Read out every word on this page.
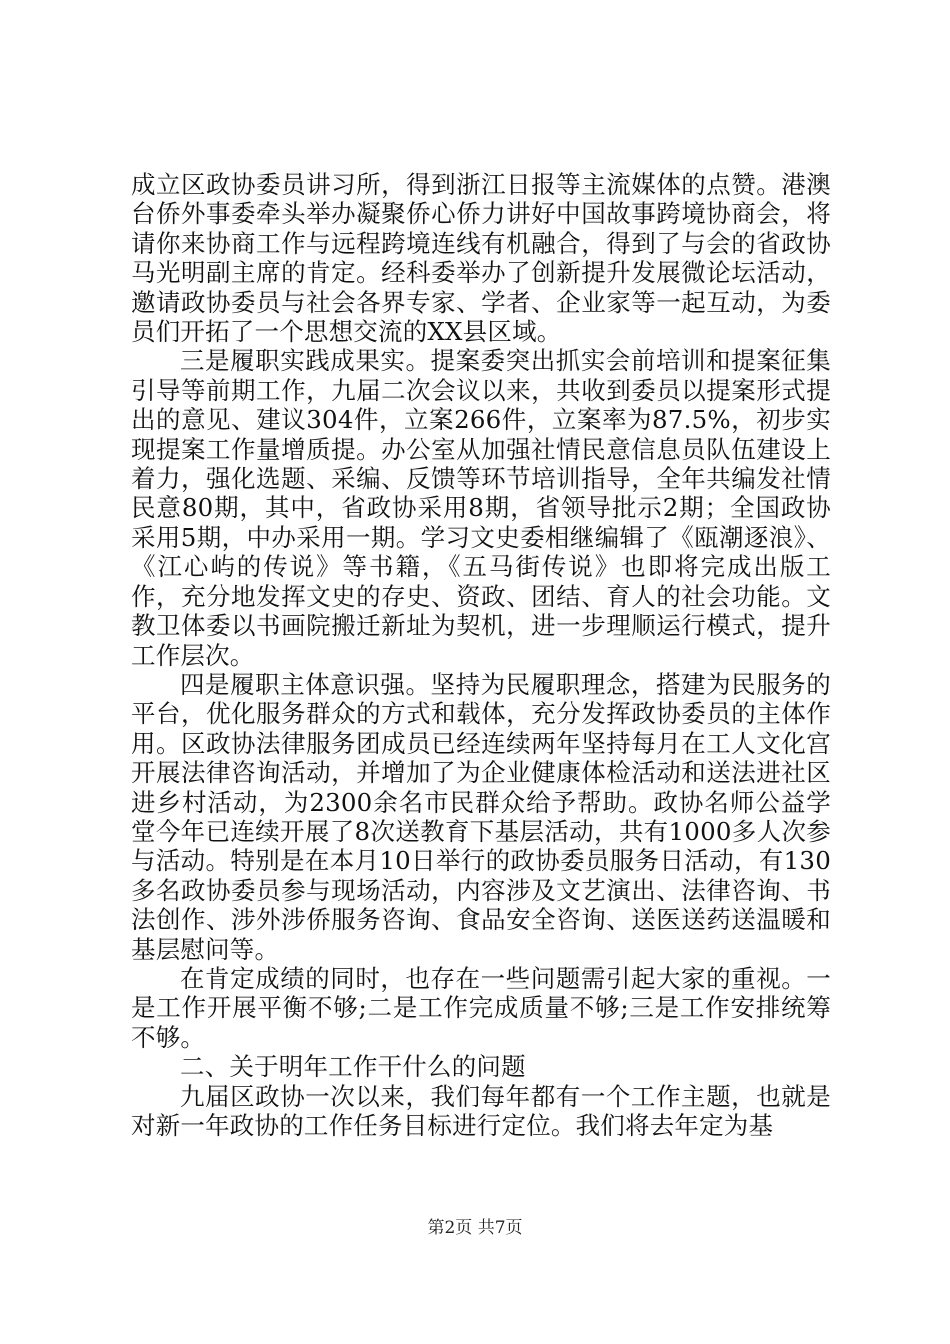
成立区政协委员讲习所，得到浙江日报等主流媒体的点赞。港澳台侨外事委牵头举办凝聚侨心侨力讲好中国故事跨境协商会，将请你来协商工作与远程跨境连线有机融合，得到了与会的省政协马光明副主席的肯定。经科委举办了创新提升发展微论坛活动，邀请政协委员与社会各界专家、学者、企业家等一起互动，为委员们开拓了一个思想交流的XX县区域。

三是履职实践成果实。提案委突出抓实会前培训和提案征集引导等前期工作，九届二次会议以来，共收到委员以提案形式提出的意见、建议304件，立案266件，立案率为87.5%，初步实现提案工作量增质提。办公室从加强社情民意信息员队伍建设上着力，强化选题、采编、反馈等环节培训指导，全年共编发社情民意80期，其中，省政协采用8期，省领导批示2期；全国政协采用5期，中办采用一期。学习文史委相继编辑了《瓯潮逐浪》、《江心屿的传说》等书籍，《五马街传说》也即将完成出版工作，充分地发挥文史的存史、资政、团结、育人的社会功能。文教卫体委以书画院搬迁新址为契机，进一步理顺运行模式，提升工作层次。

四是履职主体意识强。坚持为民履职理念，搭建为民服务的平台，优化服务群众的方式和载体，充分发挥政协委员的主体作用。区政协法律服务团成员已经连续两年坚持每月在工人文化宫开展法律咨询活动，并增加了为企业健康体检活动和送法进社区进乡村活动，为2300余名市民群众给予帮助。政协名师公益学堂今年已连续开展了8次送教育下基层活动，共有1000多人次参与活动。特别是在本月10日举行的政协委员服务日活动，有130多名政协委员参与现场活动，内容涉及文艺演出、法律咨询、书法创作、涉外涉侨服务咨询、食品安全咨询、送医送药送温暖和基层慰问等。

在肯定成绩的同时，也存在一些问题需引起大家的重视。一是工作开展平衡不够;二是工作完成质量不够;三是工作安排统筹不够。

二、关于明年工作干什么的问题

九届区政协一次以来，我们每年都有一个工作主题，也就是对新一年政协的工作任务目标进行定位。我们将去年定为基

第2页 共7页
